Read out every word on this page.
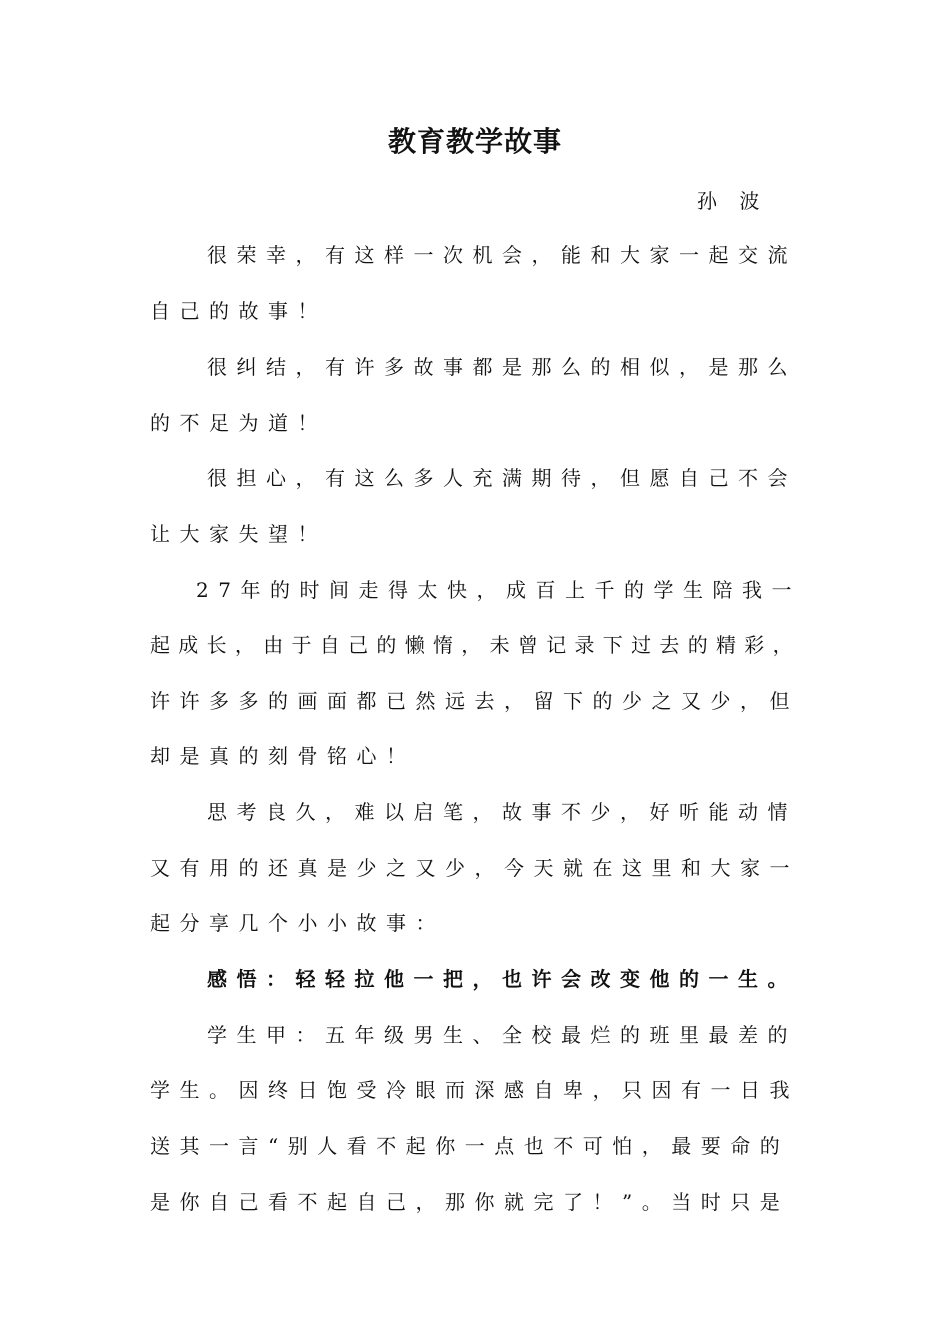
教育教学故事

孙 波

很荣幸，有这样一次机会，能和大家一起交流

自己的故事！

很纠结，有许多故事都是那么的相似，是那么

的不足为道！

很担心，有这么多人充满期待，但愿自己不会

让大家失望！

27年的时间走得太快，成百上千的学生陪我一

起成长，由于自己的懒惰，未曾记录下过去的精彩，

许许多多的画面都已然远去，留下的少之又少，但

却是真的刻骨铭心！

思考良久，难以启笔，故事不少，好听能动情

又有用的还真是少之又少，今天就在这里和大家一

起分享几个小小故事：

感悟：轻轻拉他一把，也许会改变他的一生。

学生甲：五年级男生、全校最烂的班里最差的

学生。因终日饱受冷眼而深感自卑，只因有一日我

送其一言“别人看不起你一点也不可怕，最要命的

是你自己看不起自己，那你就完了！”。当时只是
